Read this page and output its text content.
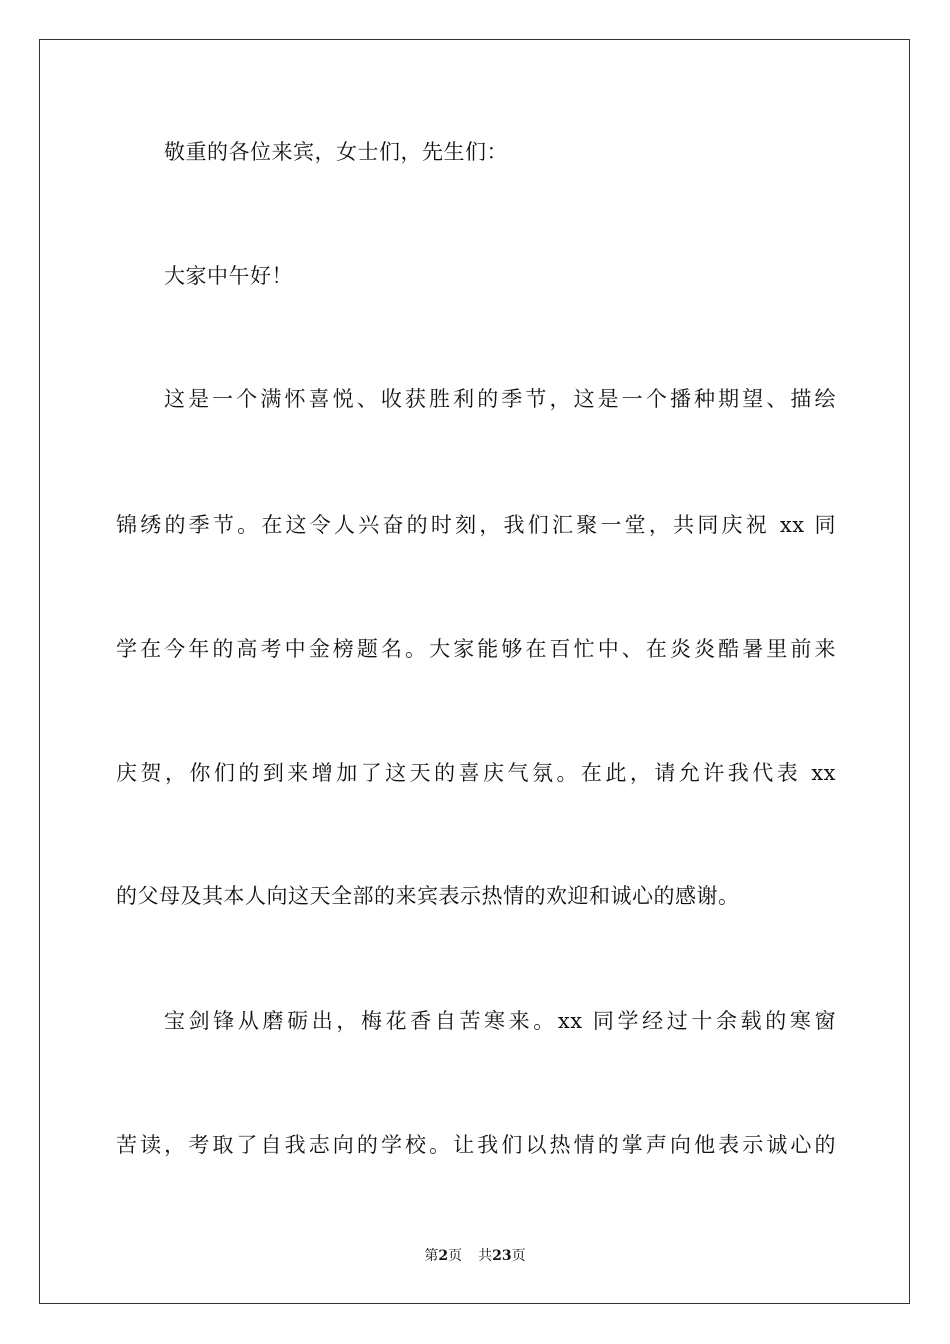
敬重的各位来宾，女士们，先生们：
大家中午好！
这是一个满怀喜悦、收获胜利的季节，这是一个播种期望、描绘
锦绣的季节。在这令人兴奋的时刻，我们汇聚一堂，共同庆祝 xx 同
学在今年的高考中金榜题名。大家能够在百忙中、在炎炎酷暑里前来
庆贺，你们的到来增加了这天的喜庆气氛。在此，请允许我代表 xx
的父母及其本人向这天全部的来宾表示热情的欢迎和诚心的感谢。
宝剑锋从磨砺出，梅花香自苦寒来。xx 同学经过十余载的寒窗
苦读，考取了自我志向的学校。让我们以热情的掌声向他表示诚心的
第2页 共23页
